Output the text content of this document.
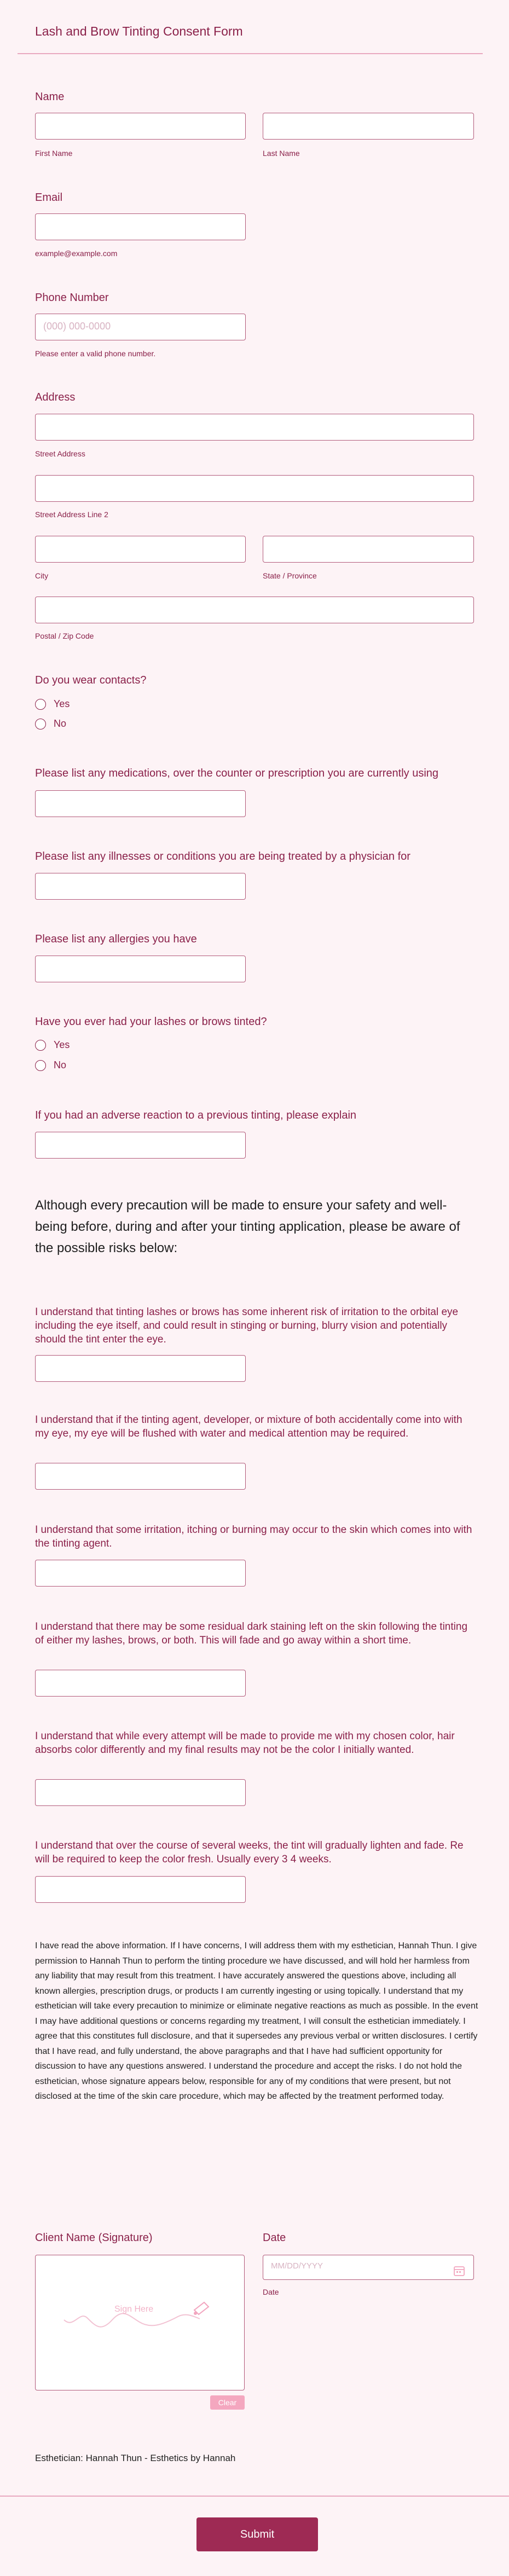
Lash and Brow Tinting Consent Form
Name
First Name	Last Name
Email
example@example.com
Phone Number
(000) 000-0000
Please enter a valid phone number.
Address
Street Address
Street Address Line 2
City	State / Province
Postal / Zip Code
Do you wear contacts?
Yes
No
Please list any medications, over the counter or prescription you are currently using
Please list any illnesses or conditions you are being treated by a physician for
Please list any allergies you have
Have you ever had your lashes or brows tinted?
Yes
No
If you had an adverse reaction to a previous tinting, please explain
Although every precaution will be made to ensure your safety and well-being before, during and after your tinting application, please be aware of the possible risks below:
I understand that tinting lashes or brows has some inherent risk of irritation to the orbital eye including the eye itself, and could result in stinging or burning, blurry vision and potentially should the tint enter the eye.
I understand that if the tinting agent, developer, or mixture of both accidentally come into with my eye, my eye will be flushed with water and medical attention may be required.
I understand that some irritation, itching or burning may occur to the skin which comes into with the tinting agent.
I understand that there may be some residual dark staining left on the skin following the tinting of either my lashes, brows, or both. This will fade and go away within a short time.
I understand that while every attempt will be made to provide me with my chosen color, hair absorbs color differently and my final results may not be the color I initially wanted.
I understand that over the course of several weeks, the tint will gradually lighten and fade. Re will be required to keep the color fresh. Usually every 3 4 weeks.
I have read the above information. If I have concerns, I will address them with my esthetician, Hannah Thun. I give permission to Hannah Thun to perform the tinting procedure we have discussed, and will hold her harmless from any liability that may result from this treatment. I have accurately answered the questions above, including all known allergies, prescription drugs, or products I am currently ingesting or using topically. I understand that my esthetician will take every precaution to minimize or eliminate negative reactions as much as possible. In the event I may have additional questions or concerns regarding my treatment, I will consult the esthetician immediately. I agree that this constitutes full disclosure, and that it supersedes any previous verbal or written disclosures. I certify that I have read, and fully understand, the above paragraphs and that I have had sufficient opportunity for discussion to have any questions answered. I understand the procedure and accept the risks. I do not hold the esthetician, whose signature appears below, responsible for any of my conditions that were present, but not disclosed at the time of the skin care procedure, which may be affected by the treatment performed today.
Client Name (Signature)
Sign Here
Clear
Date
MM/DD/YYYY
Date
Esthetician: Hannah Thun - Esthetics by Hannah
Submit
